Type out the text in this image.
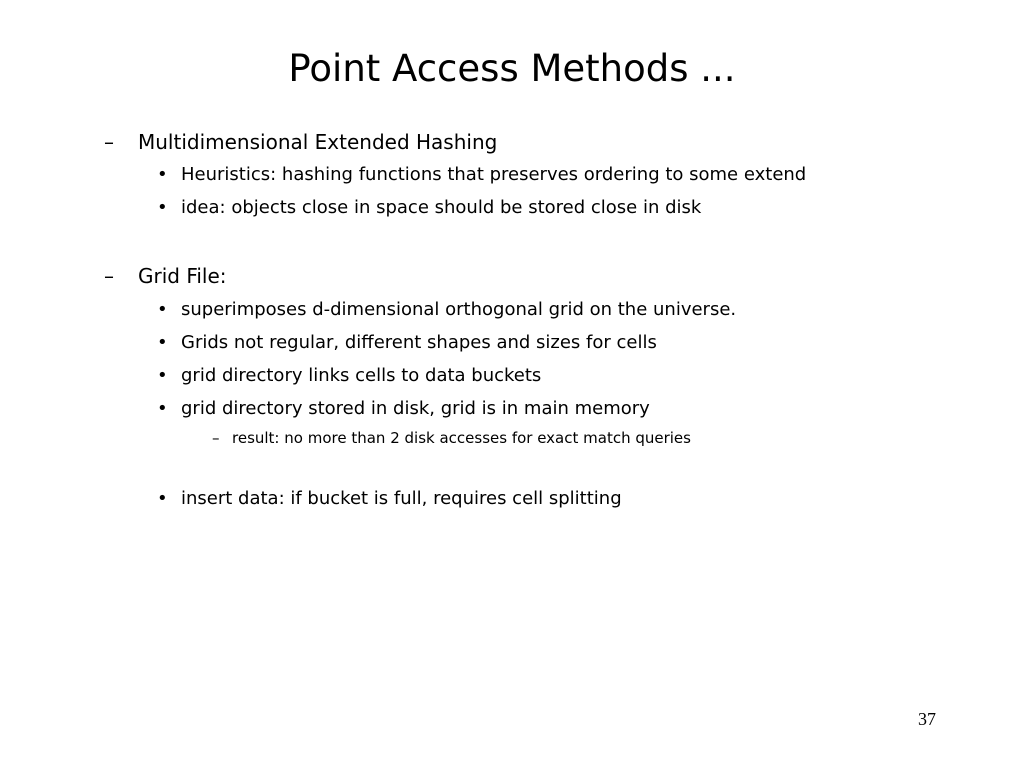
Point Access Methods ...
– Multidimensional Extended Hashing
• Heuristics: hashing functions that preserves ordering to some extend
• idea: objects close in space should be stored close in disk
– Grid File:
• superimposes d-dimensional orthogonal grid on the universe.
• Grids not regular, different shapes and sizes for cells
• grid directory links cells to data buckets
• grid directory stored in disk, grid is in main memory
– result: no more than 2 disk accesses for exact match queries
• insert data: if bucket is full, requires cell splitting
37
